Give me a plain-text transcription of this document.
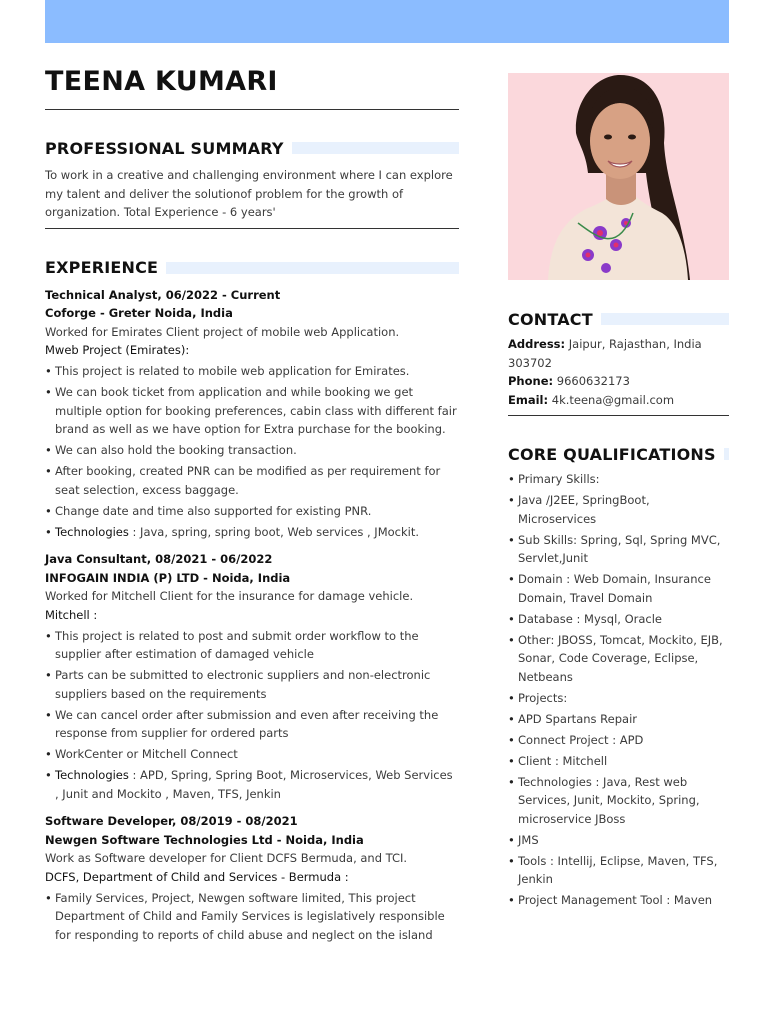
TEENA KUMARI
PROFESSIONAL SUMMARY

To work in a creative and challenging environment where I can explore my talent and deliver the solutionof problem for the growth of organization. Total Experience - 6 years'

EXPERIENCE
Technical Analyst, 06/2022 - Current
Coforge - Greter Noida, India
Worked for Emirates Client project of mobile web Application.
Mweb Project (Emirates):
• This project is related to mobile web application for Emirates.
• We can book ticket from application and while booking we get multiple option for booking preferences, cabin class with different fair brand as well as we have option for Extra purchase for the booking.
• We can also hold the booking transaction.
• After booking, created PNR can be modified as per requirement for seat selection, excess baggage.
• Change date and time also supported for existing PNR.
• Technologies : Java, spring, spring boot, Web services , JMockit.
Java Consultant, 08/2021 - 06/2022
INFOGAIN INDIA (P) LTD - Noida, India
Worked for Mitchell Client for the insurance for damage vehicle.
Mitchell :
• This project is related to post and submit order workflow to the supplier after estimation of damaged vehicle
• Parts can be submitted to electronic suppliers and non-electronic suppliers based on the requirements
• We can cancel order after submission and even after receiving the response from supplier for ordered parts
• WorkCenter or Mitchell Connect
• Technologies : APD, Spring, Spring Boot, Microservices, Web Services , Junit and Mockito , Maven, TFS, Jenkin
Software Developer, 08/2019 - 08/2021
Newgen Software Technologies Ltd - Noida, India
Work as Software developer for Client DCFS Bermuda, and TCI.
DCFS, Department of Child and Services - Bermuda :
• Family Services, Project, Newgen software limited, This project Department of Child and Family Services is legislatively responsible for responding to reports of child abuse and neglect on the island
CONTACT
Address: Jaipur, Rajasthan, India 303702
Phone: 9660632173
Email: 4k.teena@gmail.com
CORE QUALIFICATIONS
• Primary Skills:
• Java /J2EE, SpringBoot, Microservices
• Sub Skills: Spring, Sql, Spring MVC, Servlet,Junit
• Domain : Web Domain, Insurance Domain, Travel Domain
• Database : Mysql, Oracle
• Other: JBOSS, Tomcat, Mockito, EJB, Sonar, Code Coverage, Eclipse, Netbeans
• Projects:
• APD Spartans Repair
• Connect Project : APD
• Client : Mitchell
• Technologies : Java, Rest web Services, Junit, Mockito, Spring, microservice JBoss
• JMS
• Tools : Intellij, Eclipse, Maven, TFS, Jenkin
• Project Management Tool : Maven
